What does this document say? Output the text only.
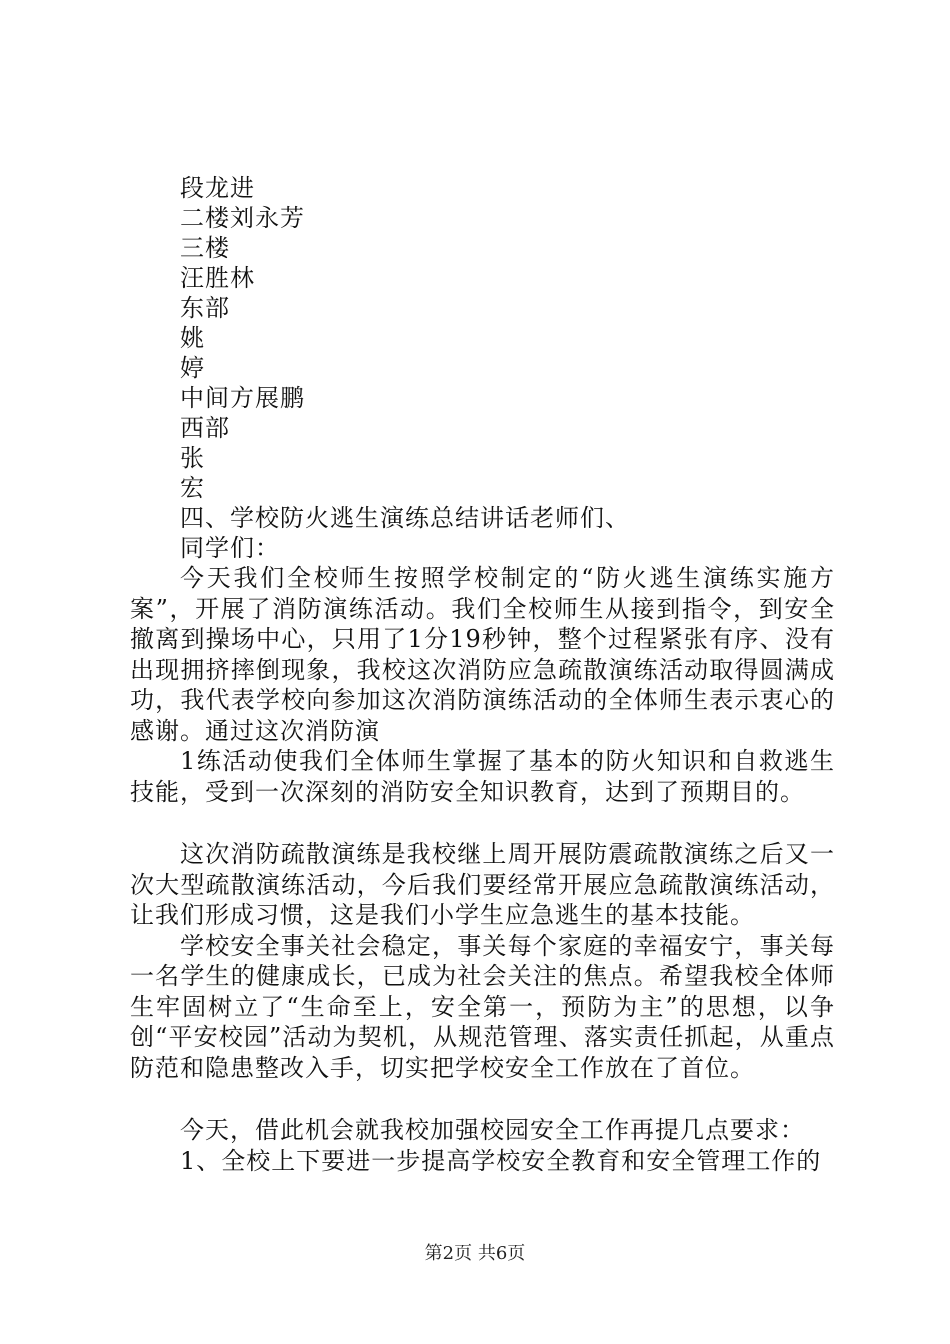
段龙进
二楼刘永芳
三楼
汪胜林
东部
姚
婷
中间方展鹏
西部
张
宏
四、学校防火逃生演练总结讲话老师们、
同学们：

今天我们全校师生按照学校制定的“防火逃生演练实施方案”，开展了消防演练活动。我们全校师生从接到指令，到安全撤离到操场中心，只用了1分19秒钟，整个过程紧张有序、没有出现拥挤摔倒现象，我校这次消防应急疏散演练活动取得圆满成功，我代表学校向参加这次消防演练活动的全体师生表示衷心的感谢。通过这次消防演

1练活动使我们全体师生掌握了基本的防火知识和自救逃生技能，受到一次深刻的消防安全知识教育，达到了预期目的。

这次消防疏散演练是我校继上周开展防震疏散演练之后又一次大型疏散演练活动，今后我们要经常开展应急疏散演练活动，让我们形成习惯，这是我们小学生应急逃生的基本技能。

学校安全事关社会稳定，事关每个家庭的幸福安宁，事关每一名学生的健康成长，已成为社会关注的焦点。希望我校全体师生牢固树立了“生命至上，安全第一，预防为主”的思想，以争创“平安校园”活动为契机，从规范管理、落实责任抓起，从重点防范和隐患整改入手，切实把学校安全工作放在了首位。

今天，借此机会就我校加强校园安全工作再提几点要求：

1、全校上下要进一步提高学校安全教育和安全管理工作的

第2页 共6页
